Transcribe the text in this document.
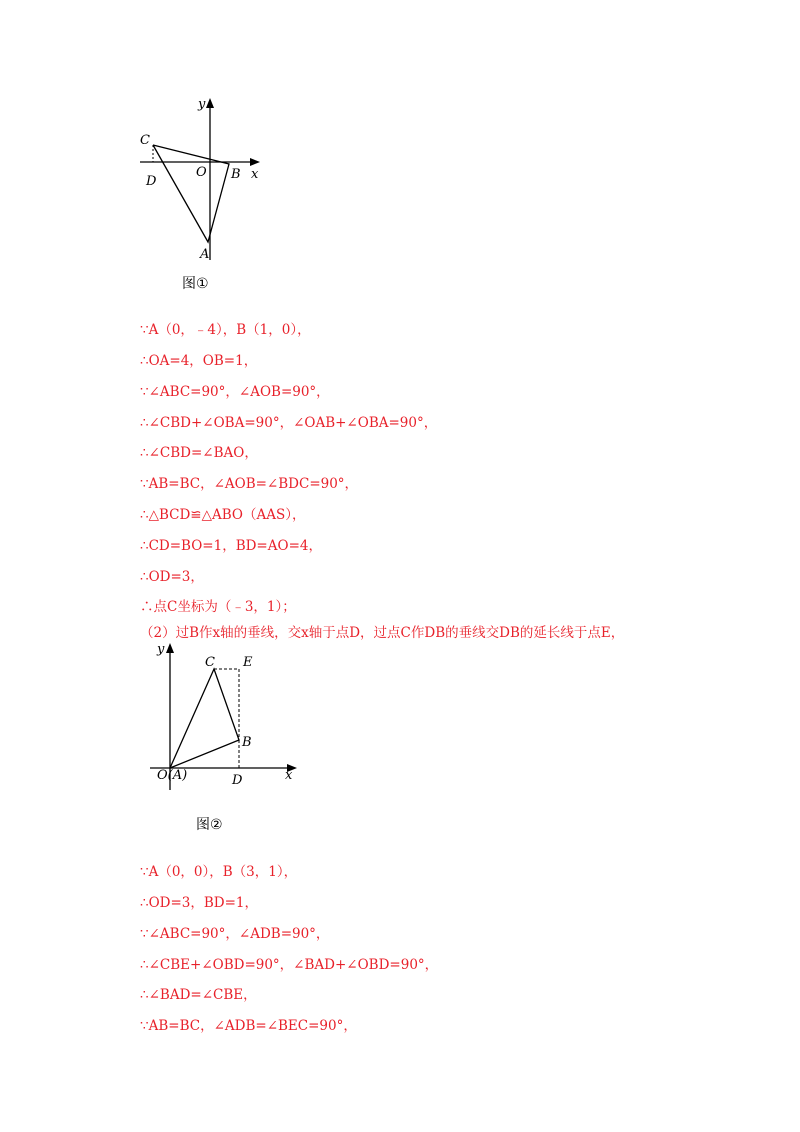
y
C
D
O B x
A
图①
∵A（0，﹣4），B（1，0），
∴OA=4，OB=1，
∵∠ABC=90°，∠AOB=90°，
∴∠CBD+∠OBA=90°，∠OAB+∠OBA=90°，
∴∠CBD=∠BAO，
∵AB=BC，∠AOB=∠BDC=90°，
∴△BCD≌△ABO（AAS），
∴CD=BO=1，BD=AO=4，
∴OD=3，
∴点C坐标为（﹣3，1）；
（2）过B作x轴的垂线，交x轴于点D，过点C作DB的垂线交DB的延长线于点E，
y
C E
B
O(A)	D	x
图②
∵A（0，0），B（3，1），
∴OD=3，BD=1，
∵∠ABC=90°，∠ADB=90°，
∴∠CBE+∠OBD=90°，∠BAD+∠OBD=90°，
∴∠BAD=∠CBE，
∵AB=BC，∠ADB=∠BEC=90°，
